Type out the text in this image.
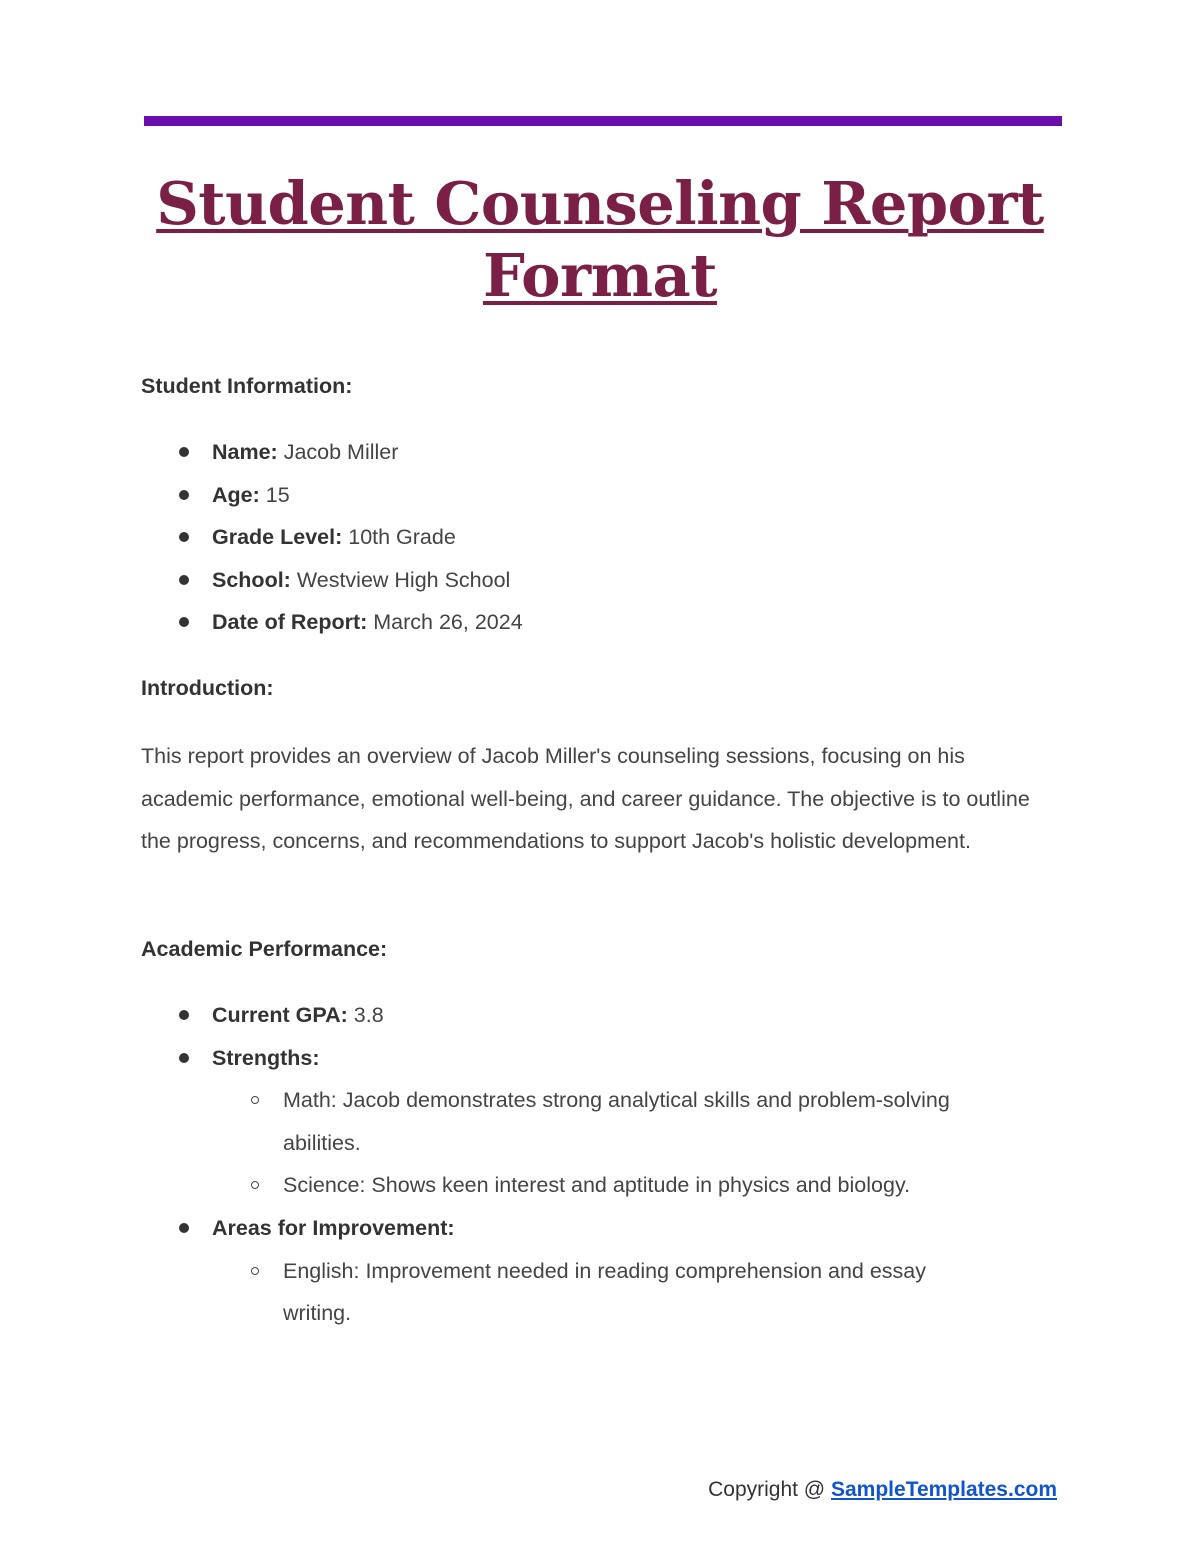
Student Counseling Report Format

Student Information:

Name: Jacob Miller
Age: 15
Grade Level: 10th Grade
School: Westview High School
Date of Report: March 26, 2024

Introduction:

This report provides an overview of Jacob Miller's counseling sessions, focusing on his academic performance, emotional well-being, and career guidance. The objective is to outline the progress, concerns, and recommendations to support Jacob's holistic development.

Academic Performance:

Current GPA: 3.8
Strengths:
Math: Jacob demonstrates strong analytical skills and problem-solving abilities.
Science: Shows keen interest and aptitude in physics and biology.
Areas for Improvement:
English: Improvement needed in reading comprehension and essay writing.
Copyright @ SampleTemplates.com
